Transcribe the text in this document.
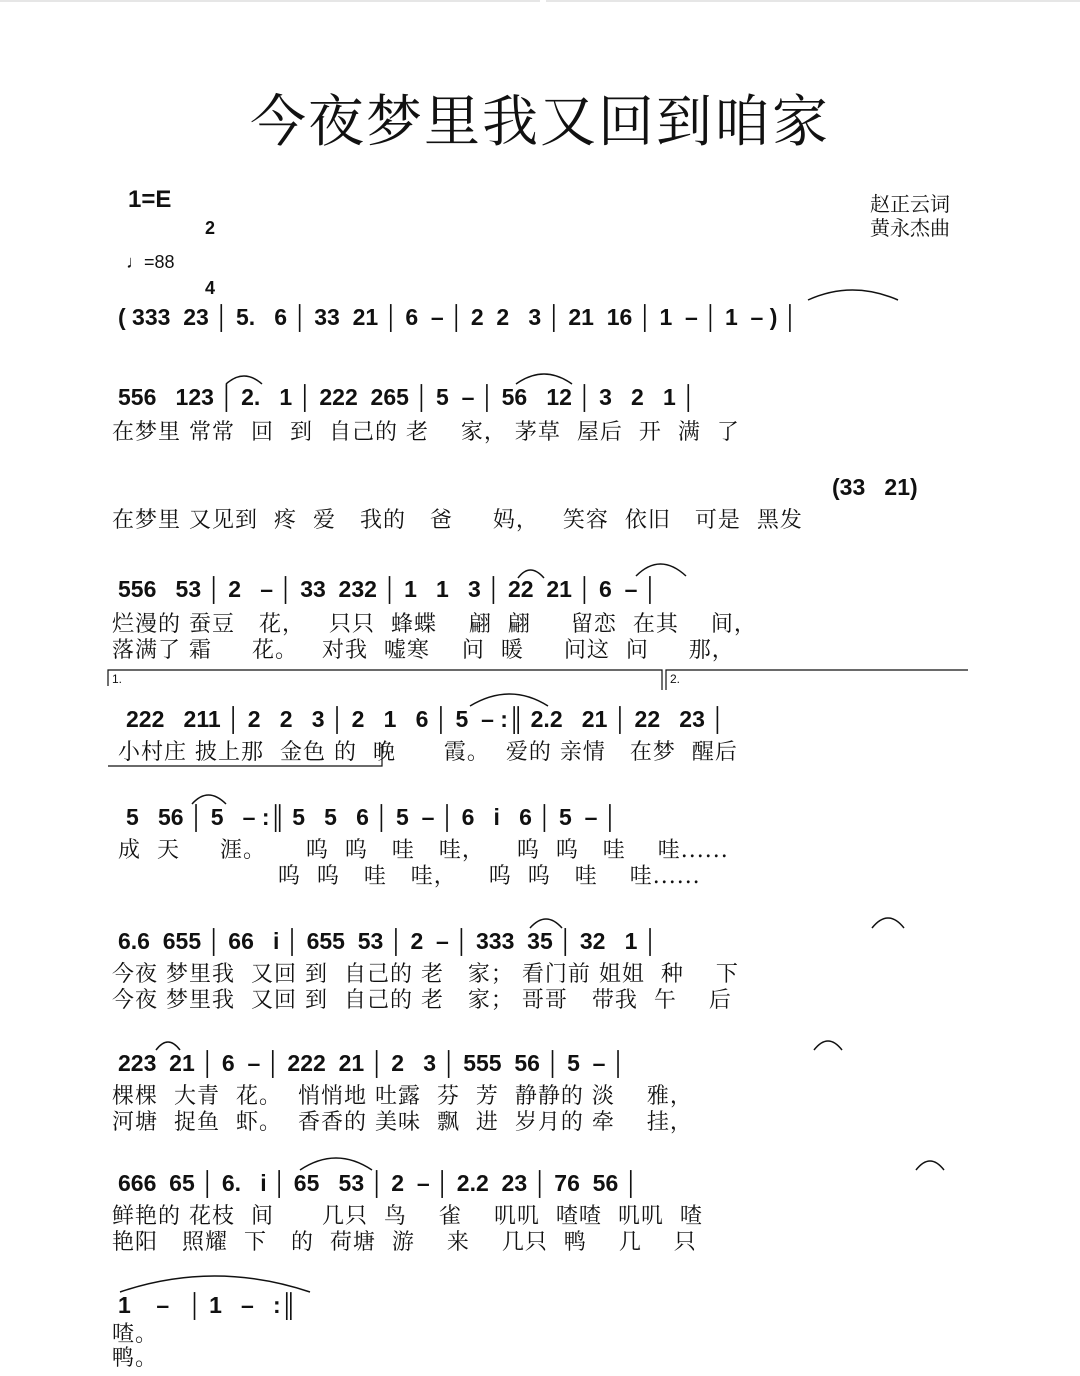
今夜梦里我又回到咱家
1=E

2

4

♩=88
赵正云词
黄永杰曲
( 333  23 │ 5.   6 │ 33  21 │ 6  – │ 2  2   3 │ 21  16 │ 1  – │ 1  – ) │
556   123 │ 2.   1 │ 222  265 │ 5  – │ 56   12 │ 3   2   1 │
(33   21)
556   53 │ 2   – │ 33  232 │ 1   1   3 │ 22  21 │ 6  – │
222   211 │ 2   2   3 │ 2   1   6 │ 5  – :║ 2.2   21 │ 22   23 │
5   56 │ 5   – :║ 5   5   6 │ 5  – │ 6   i   6 │ 5  – │
6.6  655 │ 66   i │ 655  53 │ 2  – │ 333  35 │ 32   1 │
223  21 │ 6  – │ 222  21 │ 2   3 │ 555  56 │ 5  – │
666  65 │ 6.   i │ 65   53 │ 2  – │ 2.2  23 │ 76  56 │
1    –   │ 1   –   :║
在梦里 常常  回  到  自己的 老    家， 茅草  屋后  开  满  了
在梦里 又见到  疼  爱   我的   爸     妈，   笑容  依旧   可是  黑发
烂漫的 蚕豆   花，   只只  蜂蝶    翩  翩     留恋  在其    间，
落满了 霜     花。   对我  嘘寒    问  暖     问这  问     那，
小村庄 披上那  金色 的  晚      霞。  爱的 亲情   在梦  醒后
成  天     涯。     呜  呜   哇   哇，    呜  呜   哇    哇......
呜  呜   哇   哇，    呜  呜   哇    哇......
今夜 梦里我  又回 到  自己的 老   家； 看门前 姐姐  种    下
今夜 梦里我  又回 到  自己的 老   家； 哥哥   带我  午    后
棵棵  大青  花。  悄悄地 吐露  芬  芳  静静的 淡    雅，
河塘  捉鱼  虾。  香香的 美味  飘  进  岁月的 牵    挂，
鲜艳的 花枝  间      几只  鸟    雀    叽叽  喳喳  叽叽  喳
艳阳   照耀  下   的  荷塘  游    来    几只  鸭    几    只
喳。
鸭。
1.	2.
